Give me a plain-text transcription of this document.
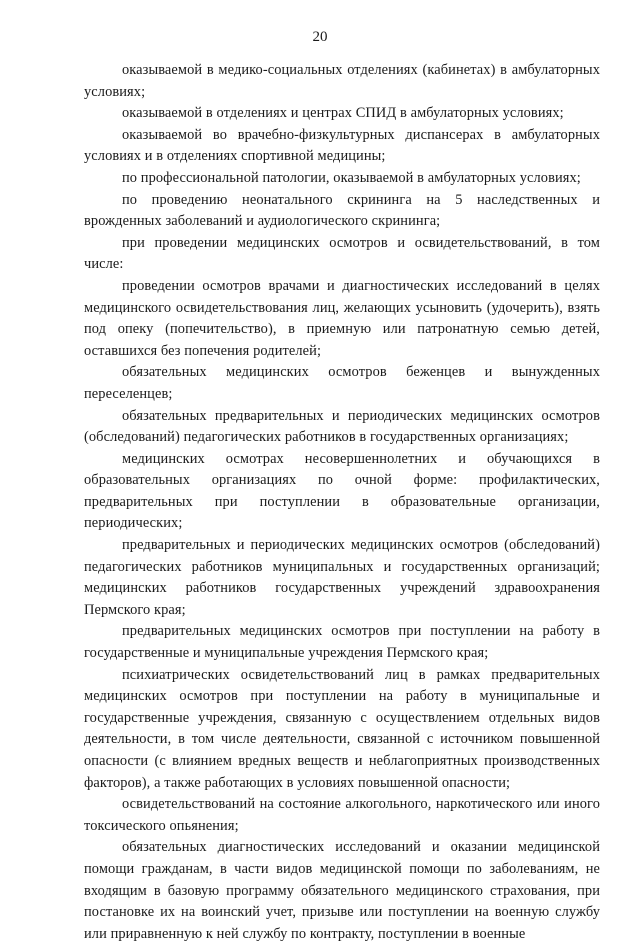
20

оказываемой в медико-социальных отделениях (кабинетах) в амбулаторных условиях;

оказываемой в отделениях и центрах СПИД в амбулаторных условиях;

оказываемой во врачебно-физкультурных диспансерах в амбулаторных условиях и в отделениях спортивной медицины;

по профессиональной патологии, оказываемой в амбулаторных условиях;

по проведению неонатального скрининга на 5 наследственных и врожденных заболеваний и аудиологического скрининга;

при проведении медицинских осмотров и освидетельствований, в том числе:

проведении осмотров врачами и диагностических исследований в целях медицинского освидетельствования лиц, желающих усыновить (удочерить), взять под опеку (попечительство), в приемную или патронатную семью детей, оставшихся без попечения родителей;

обязательных медицинских осмотров беженцев и вынужденных переселенцев;

обязательных предварительных и периодических медицинских осмотров (обследований) педагогических работников в государственных организациях;

медицинских осмотрах несовершеннолетних и обучающихся в образовательных организациях по очной форме: профилактических, предварительных при поступлении в образовательные организации, периодических;

предварительных и периодических медицинских осмотров (обследований) педагогических работников муниципальных и государственных организаций; медицинских работников государственных учреждений здравоохранения Пермского края;

предварительных медицинских осмотров при поступлении на работу в государственные и муниципальные учреждения Пермского края;

психиатрических освидетельствований лиц в рамках предварительных медицинских осмотров при поступлении на работу в муниципальные и государственные учреждения, связанную с осуществлением отдельных видов деятельности, в том числе деятельности, связанной с источником повышенной опасности (с влиянием вредных веществ и неблагоприятных производственных факторов), а также работающих в условиях повышенной опасности;

освидетельствований на состояние алкогольного, наркотического или иного токсического опьянения;

обязательных диагностических исследований и оказании медицинской помощи гражданам, в части видов медицинской помощи по заболеваниям, не входящим в базовую программу обязательного медицинского страхования, при постановке их на воинский учет, призыве или поступлении на военную службу или приравненную к ней службу по контракту, поступлении в военные
